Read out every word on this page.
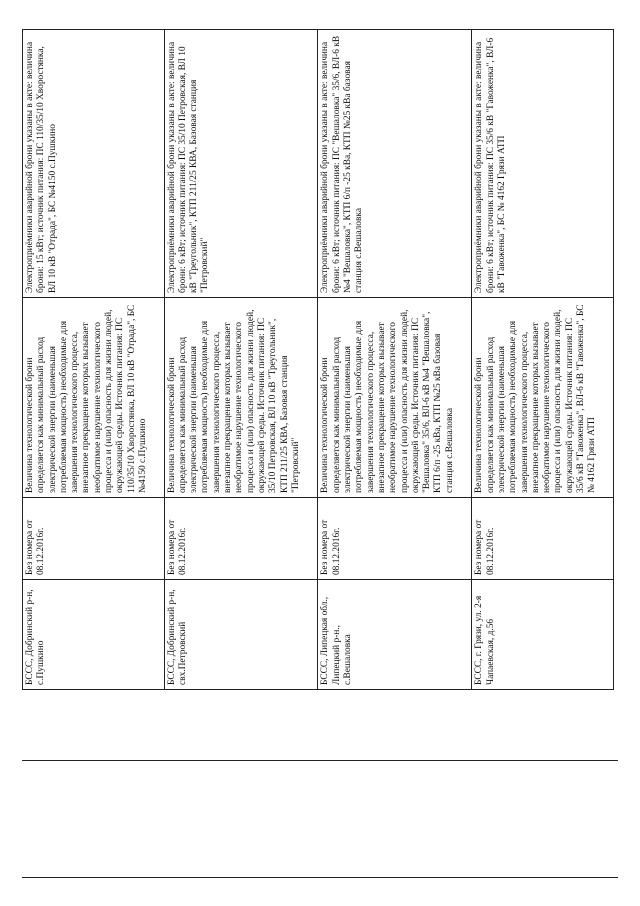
БССС, Добринский р-н, с.Пушкино	Без номера от 08.12.2016г.	Величина технологической брони определяется как минимальный расход электрической энергии (наименьшая потребляемая мощность) необходимые для завершения технологического процесса, внезапное прекращение которых вызывает необратимое нарушение технологического процесса и (или) опасность для жизни людей, окружающей среды. Источник питания: ПС 110/35/10 Хворостянка, ВЛ 10 кВ "Отрада", БС №4150 с.Пушкино	Электроприёмники аварийной брони указаны в акте: величина брони: 15 кВт; источник питания: ПС 110/35/10 Хворостянка, ВЛ 10 кВ "Отрада", БС №4150 с.Пушкино
БССС, Добринский р-н, свх.Петровский	Без номера от 08.12.2016г.	Величина технологической брони определяется как минимальный расход электрической энергии (наименьшая потребляемая мощность) необходимые для завершения технологического процесса, внезапное прекращение которых вызывает необратимое нарушение технологического процесса и (или) опасность для жизни людей, окружающей среды. Источник питания: ПС 35/10 Петровская, ВЛ 10 кВ "Треугольник", КТП 211/25 КВА, Базовая станция "Петровский"	Электроприёмники аварийной брони указаны в акте: величина брони: 6 кВт; источник питания: ПС 35/10 Петровская, ВЛ 10 кВ "Треугольник", КТП 211/25 КВА, Базовая станция "Петровский"
БССС, Липецкая обл., Липецкий р-н., с.Вешаловка	Без номера от 08.12.2016г.	Величина технологической брони определяется как минимальный расход электрической энергии (наименьшая потребляемая мощность) необходимые для завершения технологического процесса, внезапное прекращение которых вызывает необратимое нарушение технологического процесса и (или) опасность для жизни людей, окружающей среды. Источник питания: ПС "Вешаловка" 35/6, ВЛ-6 кВ №4 "Вешаловка", КТП 6/п -25 кВа, КТП №25 кВа базовая станция с.Вешаловка	Электроприёмники аварийной брони указаны в акте: величина брони: 6 кВт; источник питания: ПС "Вешаловка" 35/6, ВЛ-6 кВ №4 "Вешаловка", КТП 6/п -25 кВа, КТП №25 кВа базовая станция с.Вешаловка
БССС, г. Грязи, ул. 2-я Чапаевская, д.56	Без номера от 08.12.2016г.	Величина технологической брони определяется как минимальный расход электрической энергии (наименьшая потребляемая мощность) необходимые для завершения технологического процесса, внезапное прекращение которых вызывает необратимое нарушение технологического процесса и (или) опасность для жизни людей, окружающей среды. Источник питания: ПС 35/6 кВ "Гавоженка", ВЛ-6 кВ "Гавоженка", БС № 4162 Грязи АТП	Электроприёмники аварийной брони указаны в акте: величина брони: 6 кВт; источник питания: ПС 35/6 кВ "Гавоженка", ВЛ-6 кВ "Гавоженка", БС № 4162 Грязи АТП
